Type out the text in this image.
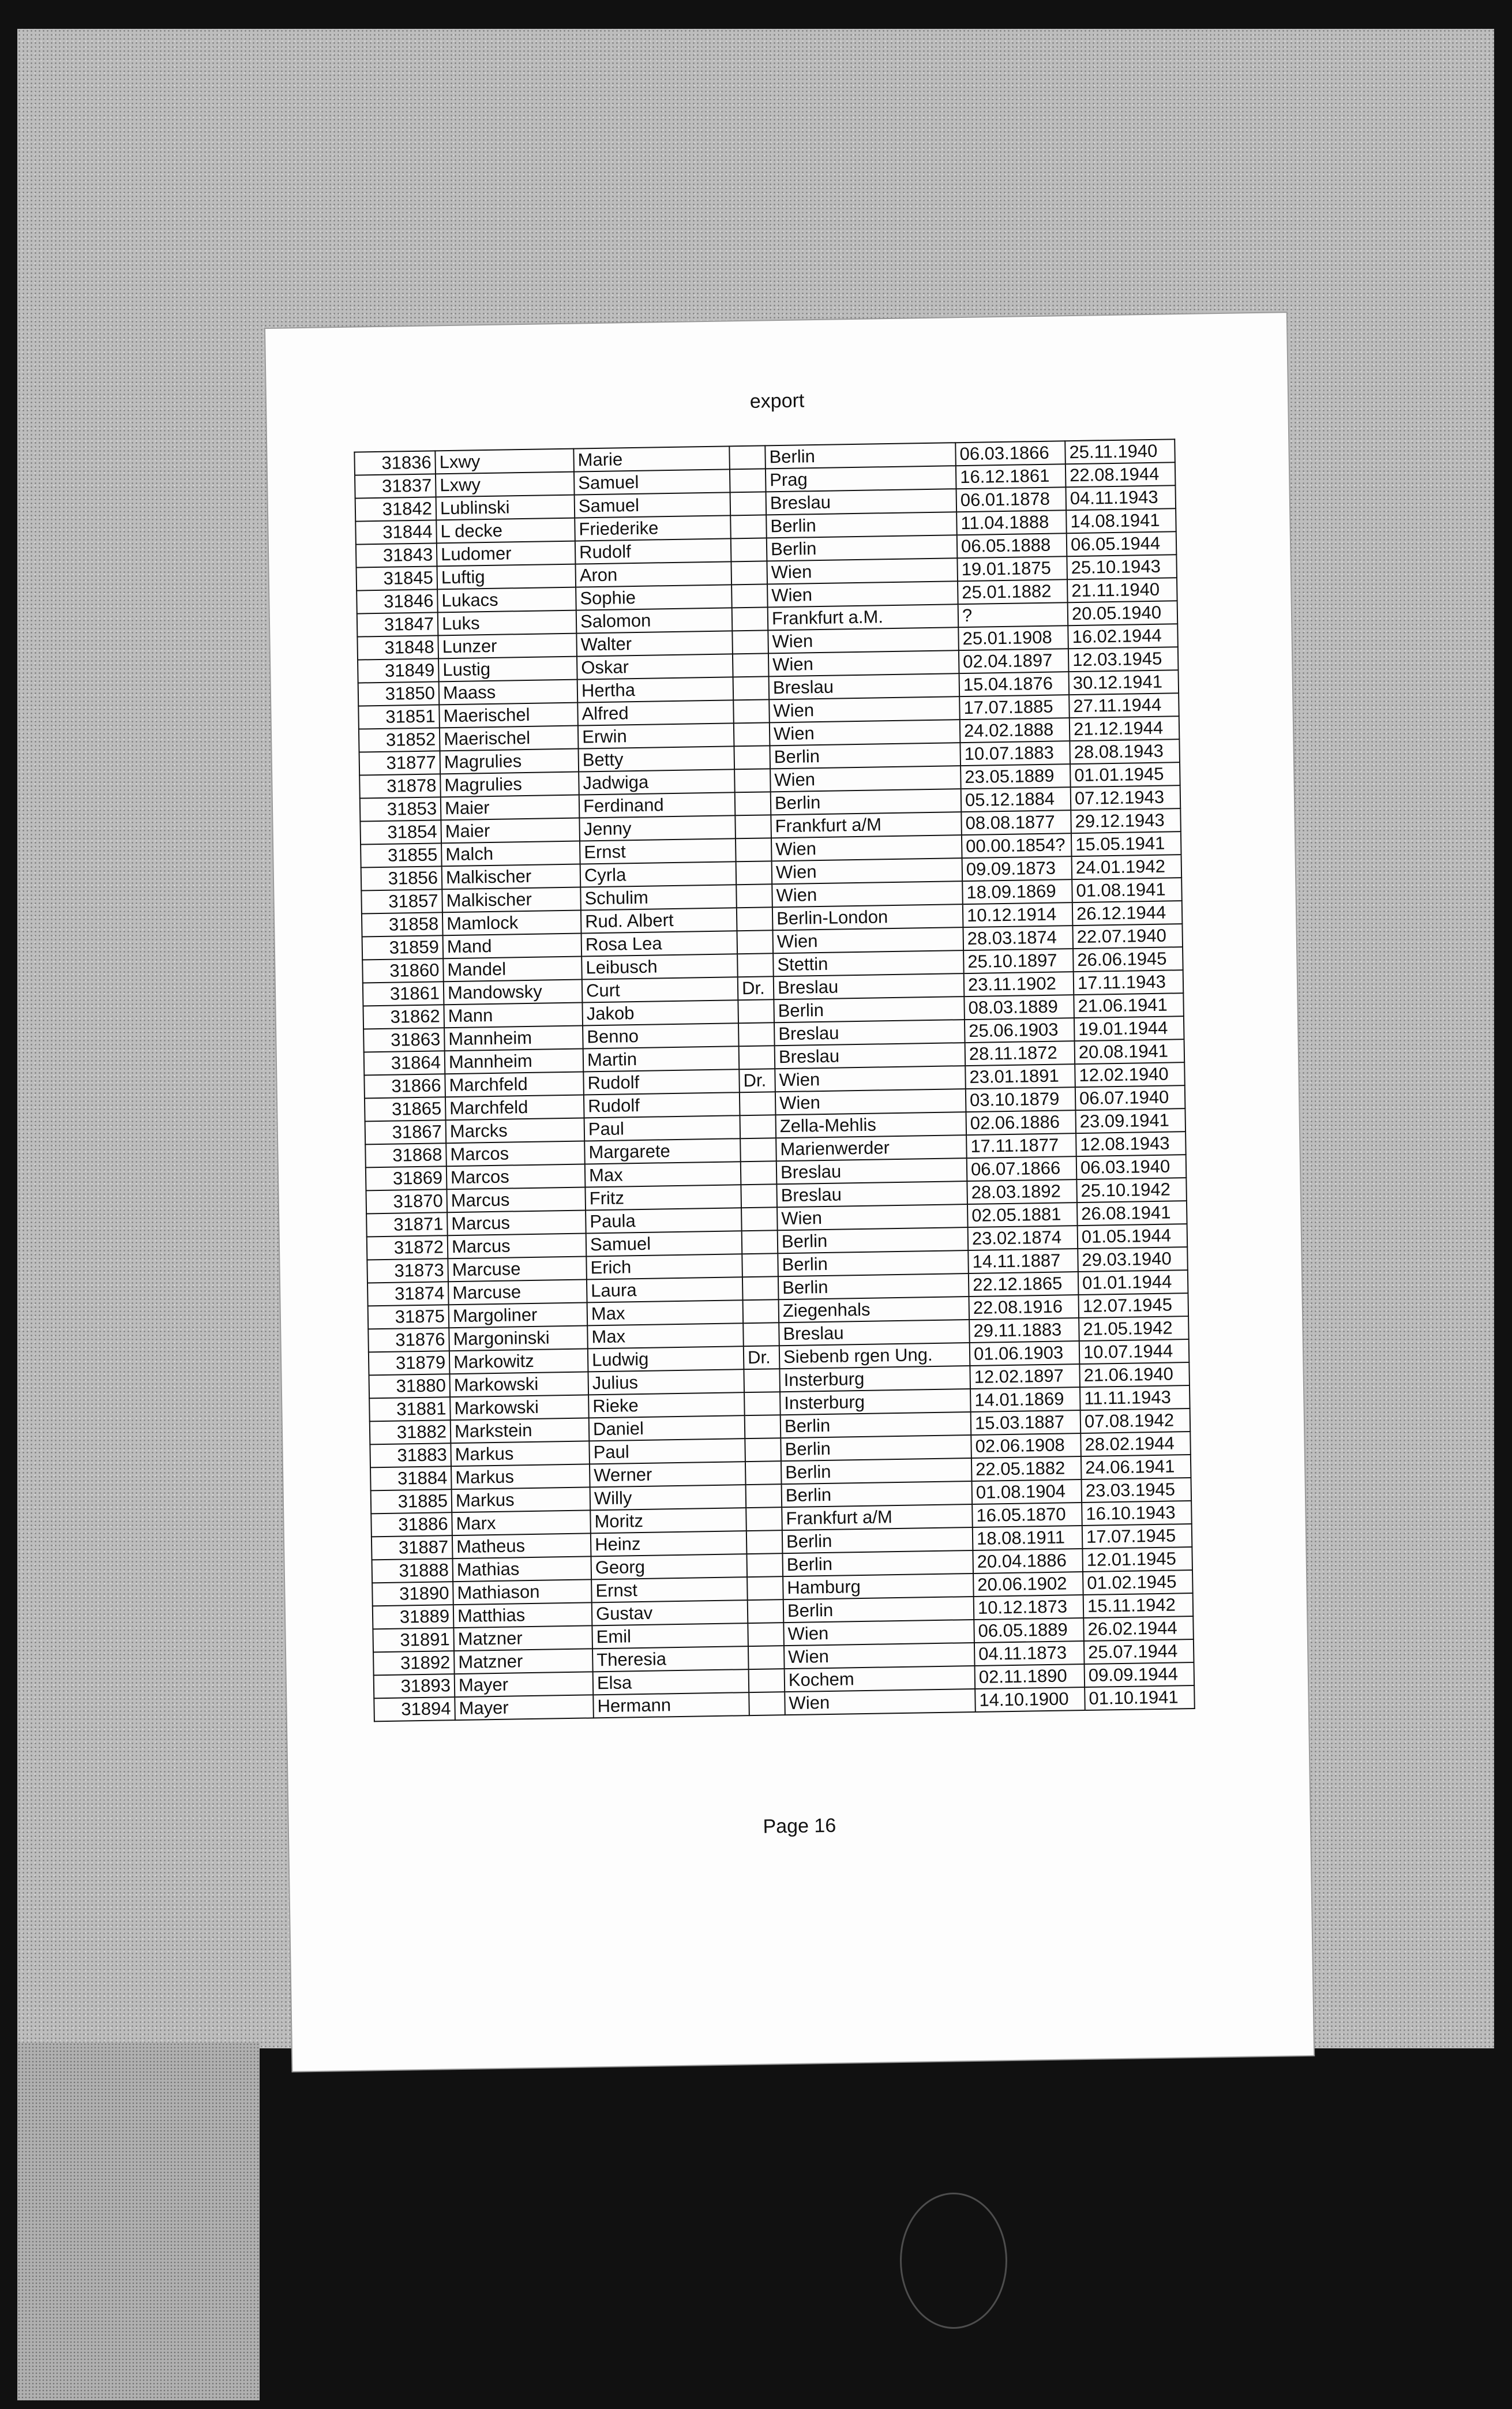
export
31836	Lxwy	Marie		Berlin	06.03.1866	25.11.1940
31837	Lxwy	Samuel		Prag	16.12.1861	22.08.1944
31842	Lublinski	Samuel		Breslau	06.01.1878	04.11.1943
31844	L decke	Friederike		Berlin	11.04.1888	14.08.1941
31843	Ludomer	Rudolf		Berlin	06.05.1888	06.05.1944
31845	Luftig	Aron		Wien	19.01.1875	25.10.1943
31846	Lukacs	Sophie		Wien	25.01.1882	21.11.1940
31847	Luks	Salomon		Frankfurt a.M.	?	20.05.1940
31848	Lunzer	Walter		Wien	25.01.1908	16.02.1944
31849	Lustig	Oskar		Wien	02.04.1897	12.03.1945
31850	Maass	Hertha		Breslau	15.04.1876	30.12.1941
31851	Maerischel	Alfred		Wien	17.07.1885	27.11.1944
31852	Maerischel	Erwin		Wien	24.02.1888	21.12.1944
31877	Magrulies	Betty		Berlin	10.07.1883	28.08.1943
31878	Magrulies	Jadwiga		Wien	23.05.1889	01.01.1945
31853	Maier	Ferdinand		Berlin	05.12.1884	07.12.1943
31854	Maier	Jenny		Frankfurt a/M	08.08.1877	29.12.1943
31855	Malch	Ernst		Wien	00.00.1854?	15.05.1941
31856	Malkischer	Cyrla		Wien	09.09.1873	24.01.1942
31857	Malkischer	Schulim		Wien	18.09.1869	01.08.1941
31858	Mamlock	Rud. Albert		Berlin-London	10.12.1914	26.12.1944
31859	Mand	Rosa Lea		Wien	28.03.1874	22.07.1940
31860	Mandel	Leibusch		Stettin	25.10.1897	26.06.1945
31861	Mandowsky	Curt	Dr.	Breslau	23.11.1902	17.11.1943
31862	Mann	Jakob		Berlin	08.03.1889	21.06.1941
31863	Mannheim	Benno		Breslau	25.06.1903	19.01.1944
31864	Mannheim	Martin		Breslau	28.11.1872	20.08.1941
31866	Marchfeld	Rudolf	Dr.	Wien	23.01.1891	12.02.1940
31865	Marchfeld	Rudolf		Wien	03.10.1879	06.07.1940
31867	Marcks	Paul		Zella-Mehlis	02.06.1886	23.09.1941
31868	Marcos	Margarete		Marienwerder	17.11.1877	12.08.1943
31869	Marcos	Max		Breslau	06.07.1866	06.03.1940
31870	Marcus	Fritz		Breslau	28.03.1892	25.10.1942
31871	Marcus	Paula		Wien	02.05.1881	26.08.1941
31872	Marcus	Samuel		Berlin	23.02.1874	01.05.1944
31873	Marcuse	Erich		Berlin	14.11.1887	29.03.1940
31874	Marcuse	Laura		Berlin	22.12.1865	01.01.1944
31875	Margoliner	Max		Ziegenhals	22.08.1916	12.07.1945
31876	Margoninski	Max		Breslau	29.11.1883	21.05.1942
31879	Markowitz	Ludwig	Dr.	Siebenb rgen Ung.	01.06.1903	10.07.1944
31880	Markowski	Julius		Insterburg	12.02.1897	21.06.1940
31881	Markowski	Rieke		Insterburg	14.01.1869	11.11.1943
31882	Markstein	Daniel		Berlin	15.03.1887	07.08.1942
31883	Markus	Paul		Berlin	02.06.1908	28.02.1944
31884	Markus	Werner		Berlin	22.05.1882	24.06.1941
31885	Markus	Willy		Berlin	01.08.1904	23.03.1945
31886	Marx	Moritz		Frankfurt a/M	16.05.1870	16.10.1943
31887	Matheus	Heinz		Berlin	18.08.1911	17.07.1945
31888	Mathias	Georg		Berlin	20.04.1886	12.01.1945
31890	Mathiason	Ernst		Hamburg	20.06.1902	01.02.1945
31889	Matthias	Gustav		Berlin	10.12.1873	15.11.1942
31891	Matzner	Emil		Wien	06.05.1889	26.02.1944
31892	Matzner	Theresia		Wien	04.11.1873	25.07.1944
31893	Mayer	Elsa		Kochem	02.11.1890	09.09.1944
31894	Mayer	Hermann		Wien	14.10.1900	01.10.1941
Page 16
